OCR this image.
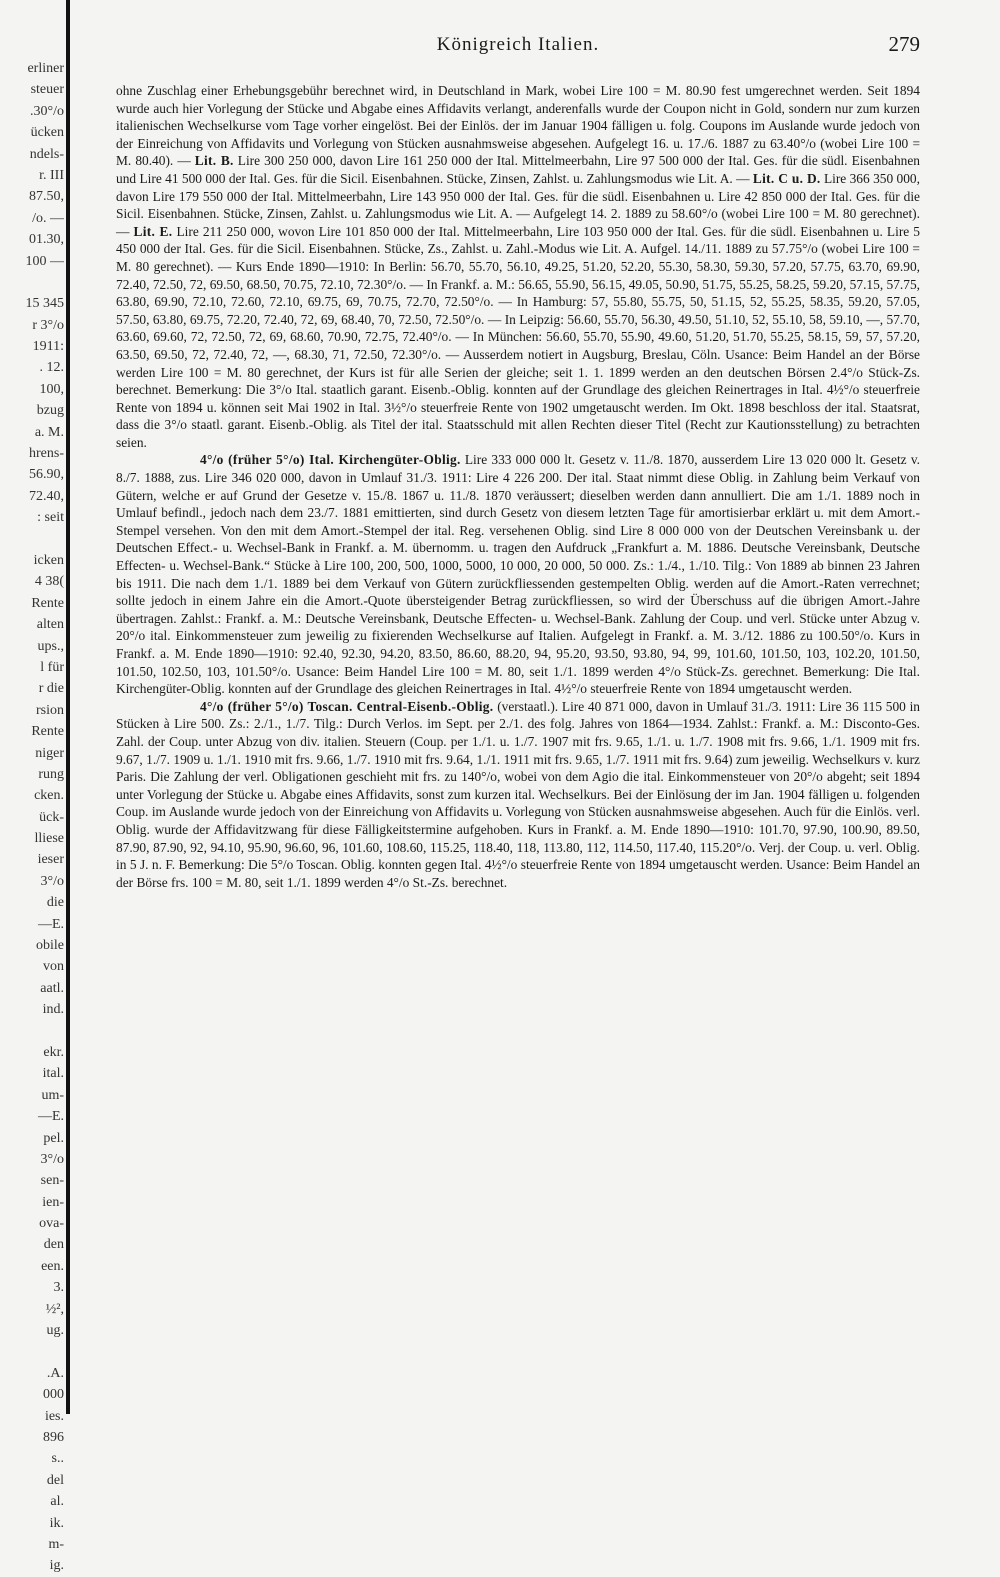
erliner
steuer
.30°/o
ücken
ndels-
r. III
87.50,
/o. —
01.30,
100 —
15 345
r 3°/o
1911:
. 12.
100,
bzug
a. M.
hrens-
56.90,
72.40,
: seit
icken
4 38(
Rente
alten
ups.,
l für
r die
rsion
Rente
niger
rung
cken.
ück-
lliese
ieser
3°/o
die
—E.
obile
von
aatl.
ind.
ekr.
ital.
um-
—E.
pel.
3°/o
sen-
ien-
ova-
den
een.
3.
½²,
ug.
.A.
000
ies.
896
s..
del
al.
ik.
m-
ig.
Königreich Italien.	279

ohne Zuschlag einer Erhebungsgebühr berechnet wird, in Deutschland in Mark, wobei Lire 100 = M. 80.90 fest umgerechnet werden. Seit 1894 wurde auch hier Vorlegung der Stücke und Abgabe eines Affidavits verlangt, anderenfalls wurde der Coupon nicht in Gold, sondern nur zum kurzen italienischen Wechselkurse vom Tage vorher eingelöst. Bei der Einlös. der im Januar 1904 fälligen u. folg. Coupons im Auslande wurde jedoch von der Einreichung von Affidavits und Vorlegung von Stücken ausnahmsweise abgesehen. Aufgelegt 16. u. 17./6. 1887 zu 63.40°/o (wobei Lire 100 = M. 80.40). — Lit. B. Lire 300 250 000, davon Lire 161 250 000 der Ital. Mittelmeerbahn, Lire 97 500 000 der Ital. Ges. für die südl. Eisenbahnen und Lire 41 500 000 der Ital. Ges. für die Sicil. Eisenbahnen. Stücke, Zinsen, Zahlst. u. Zahlungsmodus wie Lit. A. — Lit. C u. D. Lire 366 350 000, davon Lire 179 550 000 der Ital. Mittelmeerbahn, Lire 143 950 000 der Ital. Ges. für die südl. Eisenbahnen u. Lire 42 850 000 der Ital. Ges. für die Sicil. Eisenbahnen. Stücke, Zinsen, Zahlst. u. Zahlungsmodus wie Lit. A. — Aufgelegt 14. 2. 1889 zu 58.60°/o (wobei Lire 100 = M. 80 gerechnet). — Lit. E. Lire 211 250 000, wovon Lire 101 850 000 der Ital. Mittelmeerbahn, Lire 103 950 000 der Ital. Ges. für die südl. Eisenbahnen u. Lire 5 450 000 der Ital. Ges. für die Sicil. Eisenbahnen. Stücke, Zs., Zahlst. u. Zahl.-Modus wie Lit. A. Aufgel. 14./11. 1889 zu 57.75°/o (wobei Lire 100 = M. 80 gerechnet). — Kurs Ende 1890—1910: In Berlin: 56.70, 55.70, 56.10, 49.25, 51.20, 52.20, 55.30, 58.30, 59.30, 57.20, 57.75, 63.70, 69.90, 72.40, 72.50, 72, 69.50, 68.50, 70.75, 72.10, 72.30°/o. — In Frankf. a. M.: 56.65, 55.90, 56.15, 49.05, 50.90, 51.75, 55.25, 58.25, 59.20, 57.15, 57.75, 63.80, 69.90, 72.10, 72.60, 72.10, 69.75, 69, 70.75, 72.70, 72.50°/o. — In Hamburg: 57, 55.80, 55.75, 50, 51.15, 52, 55.25, 58.35, 59.20, 57.05, 57.50, 63.80, 69.75, 72.20, 72.40, 72, 69, 68.40, 70, 72.50, 72.50°/o. — In Leipzig: 56.60, 55.70, 56.30, 49.50, 51.10, 52, 55.10, 58, 59.10, —, 57.70, 63.60, 69.60, 72, 72.50, 72, 69, 68.60, 70.90, 72.75, 72.40°/o. — In München: 56.60, 55.70, 55.90, 49.60, 51.20, 51.70, 55.25, 58.15, 59, 57, 57.20, 63.50, 69.50, 72, 72.40, 72, —, 68.30, 71, 72.50, 72.30°/o. — Ausserdem notiert in Augsburg, Breslau, Cöln. Usance: Beim Handel an der Börse werden Lire 100 = M. 80 gerechnet, der Kurs ist für alle Serien der gleiche; seit 1. 1. 1899 werden an den deutschen Börsen 2.4°/o Stück-Zs. berechnet. Bemerkung: Die 3°/o Ital. staatlich garant. Eisenb.-Oblig. konnten auf der Grundlage des gleichen Reinertrages in Ital. 4½°/o steuerfreie Rente von 1894 u. können seit Mai 1902 in Ital. 3½°/o steuerfreie Rente von 1902 umgetauscht werden. Im Okt. 1898 beschloss der ital. Staatsrat, dass die 3°/o staatl. garant. Eisenb.-Oblig. als Titel der ital. Staatsschuld mit allen Rechten dieser Titel (Recht zur Kautionsstellung) zu betrachten seien.

4°/o (früher 5°/o) Ital. Kirchengüter-Oblig. Lire 333 000 000 lt. Gesetz v. 11./8. 1870, ausserdem Lire 13 020 000 lt. Gesetz v. 8./7. 1888, zus. Lire 346 020 000, davon in Umlauf 31./3. 1911: Lire 4 226 200. Der ital. Staat nimmt diese Oblig. in Zahlung beim Verkauf von Gütern, welche er auf Grund der Gesetze v. 15./8. 1867 u. 11./8. 1870 veräussert; dieselben werden dann annulliert. Die am 1./1. 1889 noch in Umlauf befindl., jedoch nach dem 23./7. 1881 emittierten, sind durch Gesetz von diesem letzten Tage für amortisierbar erklärt u. mit dem Amort.-Stempel versehen. Von den mit dem Amort.-Stempel der ital. Reg. versehenen Oblig. sind Lire 8 000 000 von der Deutschen Vereinsbank u. der Deutschen Effect.- u. Wechsel-Bank in Frankf. a. M. übernomm. u. tragen den Aufdruck „Frankfurt a. M. 1886. Deutsche Vereinsbank, Deutsche Effecten- u. Wechsel-Bank.“ Stücke à Lire 100, 200, 500, 1000, 5000, 10 000, 20 000, 50 000. Zs.: 1./4., 1./10. Tilg.: Von 1889 ab binnen 23 Jahren bis 1911. Die nach dem 1./1. 1889 bei dem Verkauf von Gütern zurückfliessenden gestempelten Oblig. werden auf die Amort.-Raten verrechnet; sollte jedoch in einem Jahre ein die Amort.-Quote übersteigender Betrag zurückfliessen, so wird der Überschuss auf die übrigen Amort.-Jahre übertragen. Zahlst.: Frankf. a. M.: Deutsche Vereinsbank, Deutsche Effecten- u. Wechsel-Bank. Zahlung der Coup. und verl. Stücke unter Abzug v. 20°/o ital. Einkommensteuer zum jeweilig zu fixierenden Wechselkurse auf Italien. Aufgelegt in Frankf. a. M. 3./12. 1886 zu 100.50°/o. Kurs in Frankf. a. M. Ende 1890—1910: 92.40, 92.30, 94.20, 83.50, 86.60, 88.20, 94, 95.20, 93.50, 93.80, 94, 99, 101.60, 101.50, 103, 102.20, 101.50, 101.50, 102.50, 103, 101.50°/o. Usance: Beim Handel Lire 100 = M. 80, seit 1./1. 1899 werden 4°/o Stück-Zs. gerechnet. Bemerkung: Die Ital. Kirchengüter-Oblig. konnten auf der Grundlage des gleichen Reinertrages in Ital. 4½°/o steuerfreie Rente von 1894 umgetauscht werden.

4°/o (früher 5°/o) Toscan. Central-Eisenb.-Oblig. (verstaatl.). Lire 40 871 000, davon in Umlauf 31./3. 1911: Lire 36 115 500 in Stücken à Lire 500. Zs.: 2./1., 1./7. Tilg.: Durch Verlos. im Sept. per 2./1. des folg. Jahres von 1864—1934. Zahlst.: Frankf. a. M.: Disconto-Ges. Zahl. der Coup. unter Abzug von div. italien. Steuern (Coup. per 1./1. u. 1./7. 1907 mit frs. 9.65, 1./1. u. 1./7. 1908 mit frs. 9.66, 1./1. 1909 mit frs. 9.67, 1./7. 1909 u. 1./1. 1910 mit frs. 9.66, 1./7. 1910 mit frs. 9.64, 1./1. 1911 mit frs. 9.65, 1./7. 1911 mit frs. 9.64) zum jeweilig. Wechselkurs v. kurz Paris. Die Zahlung der verl. Obligationen geschieht mit frs. zu 140°/o, wobei von dem Agio die ital. Einkommensteuer von 20°/o abgeht; seit 1894 unter Vorlegung der Stücke u. Abgabe eines Affidavits, sonst zum kurzen ital. Wechselkurs. Bei der Einlösung der im Jan. 1904 fälligen u. folgenden Coup. im Auslande wurde jedoch von der Einreichung von Affidavits u. Vorlegung von Stücken ausnahmsweise abgesehen. Auch für die Einlös. verl. Oblig. wurde der Affidavitzwang für diese Fälligkeitstermine aufgehoben. Kurs in Frankf. a. M. Ende 1890—1910: 101.70, 97.90, 100.90, 89.50, 87.90, 87.90, 92, 94.10, 95.90, 96.60, 96, 101.60, 108.60, 115.25, 118.40, 118, 113.80, 112, 114.50, 117.40, 115.20°/o. Verj. der Coup. u. verl. Oblig. in 5 J. n. F. Bemerkung: Die 5°/o Toscan. Oblig. konnten gegen Ital. 4½°/o steuerfreie Rente von 1894 umgetauscht werden. Usance: Beim Handel an der Börse frs. 100 = M. 80, seit 1./1. 1899 werden 4°/o St.-Zs. berechnet.
